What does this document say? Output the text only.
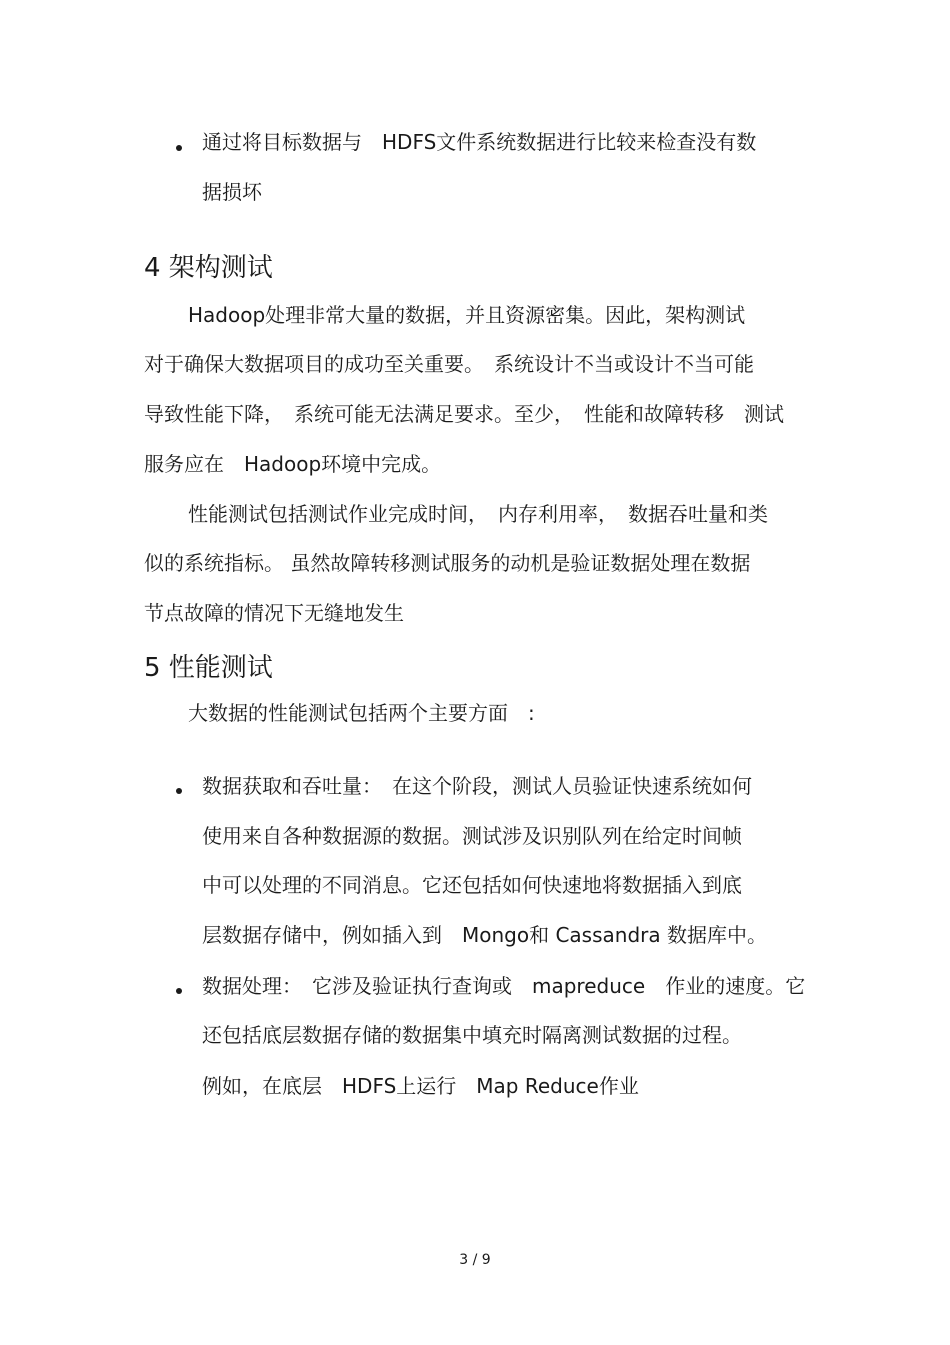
通过将目标数据与　HDFS文件系统数据进行比较来检查没有数
据损坏
4 架构测试
Hadoop处理非常大量的数据，并且资源密集。因此，架构测试
对于确保大数据项目的成功至关重要。　系统设计不当或设计不当可能
导致性能下降，　系统可能无法满足要求。至少，　性能和故障转移　测试
服务应在　Hadoop环境中完成。
性能测试包括测试作业完成时间，　内存利用率，　数据吞吐量和类
似的系统指标。 虽然故障转移测试服务的动机是验证数据处理在数据
节点故障的情况下无缝地发生
5 性能测试
大数据的性能测试包括两个主要方面　:
数据获取和吞吐量：　在这个阶段，测试人员验证快速系统如何
使用来自各种数据源的数据。测试涉及识别队列在给定时间帧
中可以处理的不同消息。它还包括如何快速地将数据插入到底
层数据存储中，例如插入到　Mongo和 Cassandra 数据库中。
数据处理：　它涉及验证执行查询或　mapreduce　作业的速度。它
还包括底层数据存储的数据集中填充时隔离测试数据的过程。
例如，在底层　HDFS上运行　Map Reduce作业
3 / 9
